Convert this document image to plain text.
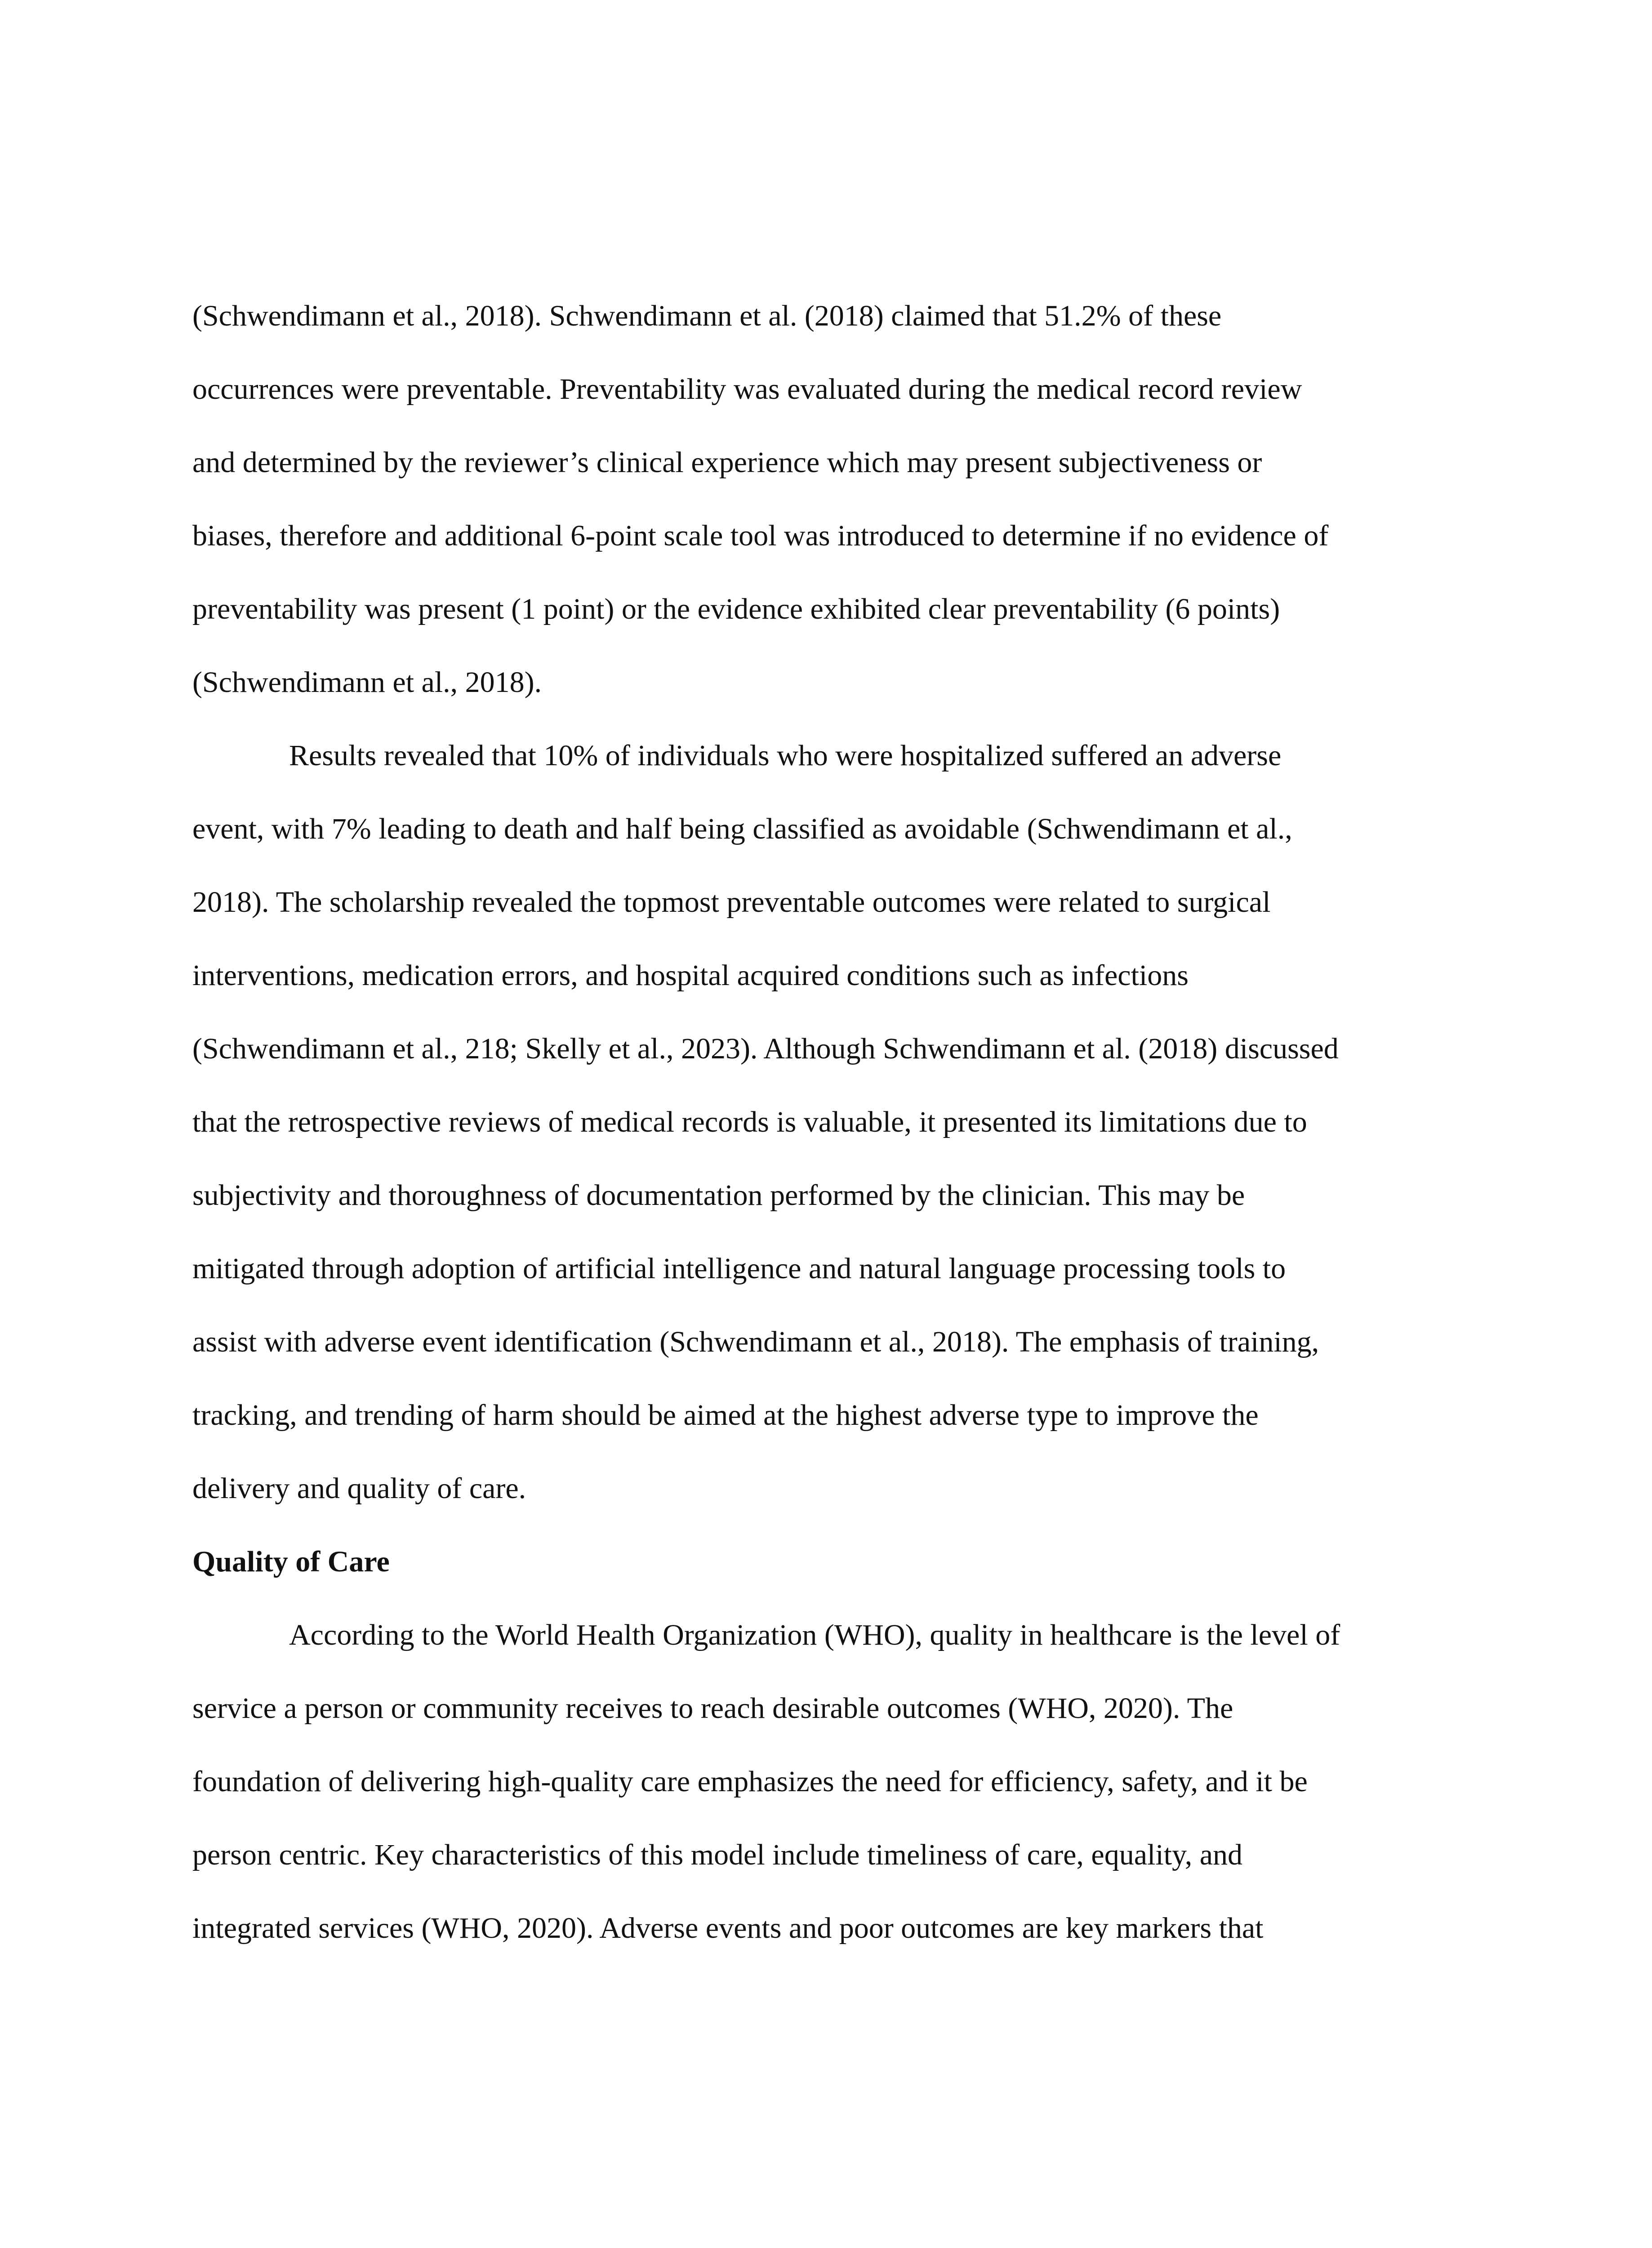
(Schwendimann et al., 2018). Schwendimann et al. (2018) claimed that 51.2% of these

occurrences were preventable. Preventability was evaluated during the medical record review

and determined by the reviewer’s clinical experience which may present subjectiveness or

biases, therefore and additional 6-point scale tool was introduced to determine if no evidence of

preventability was present (1 point) or the evidence exhibited clear preventability (6 points)

(Schwendimann et al., 2018).

Results revealed that 10% of individuals who were hospitalized suffered an adverse

event, with 7% leading to death and half being classified as avoidable (Schwendimann et al.,

2018). The scholarship revealed the topmost preventable outcomes were related to surgical

interventions, medication errors, and hospital acquired conditions such as infections

(Schwendimann et al., 218; Skelly et al., 2023). Although Schwendimann et al. (2018) discussed

that the retrospective reviews of medical records is valuable, it presented its limitations due to

subjectivity and thoroughness of documentation performed by the clinician. This may be

mitigated through adoption of artificial intelligence and natural language processing tools to

assist with adverse event identification (Schwendimann et al., 2018). The emphasis of training,

tracking, and trending of harm should be aimed at the highest adverse type to improve the

delivery and quality of care.

Quality of Care

According to the World Health Organization (WHO), quality in healthcare is the level of

service a person or community receives to reach desirable outcomes (WHO, 2020). The

foundation of delivering high-quality care emphasizes the need for efficiency, safety, and it be

person centric. Key characteristics of this model include timeliness of care, equality, and

integrated services (WHO, 2020). Adverse events and poor outcomes are key markers that
